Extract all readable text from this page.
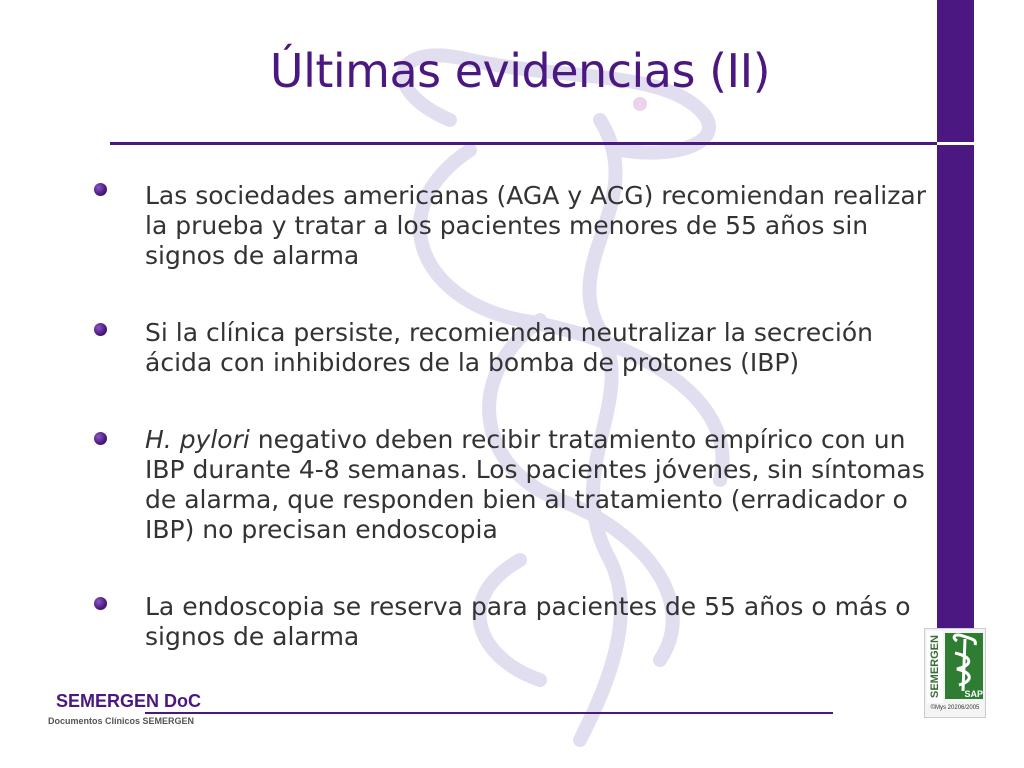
Últimas evidencias (II)
Las sociedades americanas (AGA y ACG) recomiendan realizar la prueba y tratar a los pacientes menores de 55 años sin signos de alarma
Si la clínica persiste, recomiendan neutralizar la secreción ácida con inhibidores de la bomba de protones (IBP)
H. pylori negativo deben recibir tratamiento empírico con un IBP durante 4-8 semanas. Los pacientes jóvenes, sin síntomas de alarma, que responden bien al tratamiento (erradicador o IBP) no precisan endoscopia
La endoscopia se reserva para pacientes de 55 años o más o signos de alarma
SEMERGEN DoC
Documentos Clínicos SEMERGEN
SEMERGEN	SAP
©Mys 20206/2005
